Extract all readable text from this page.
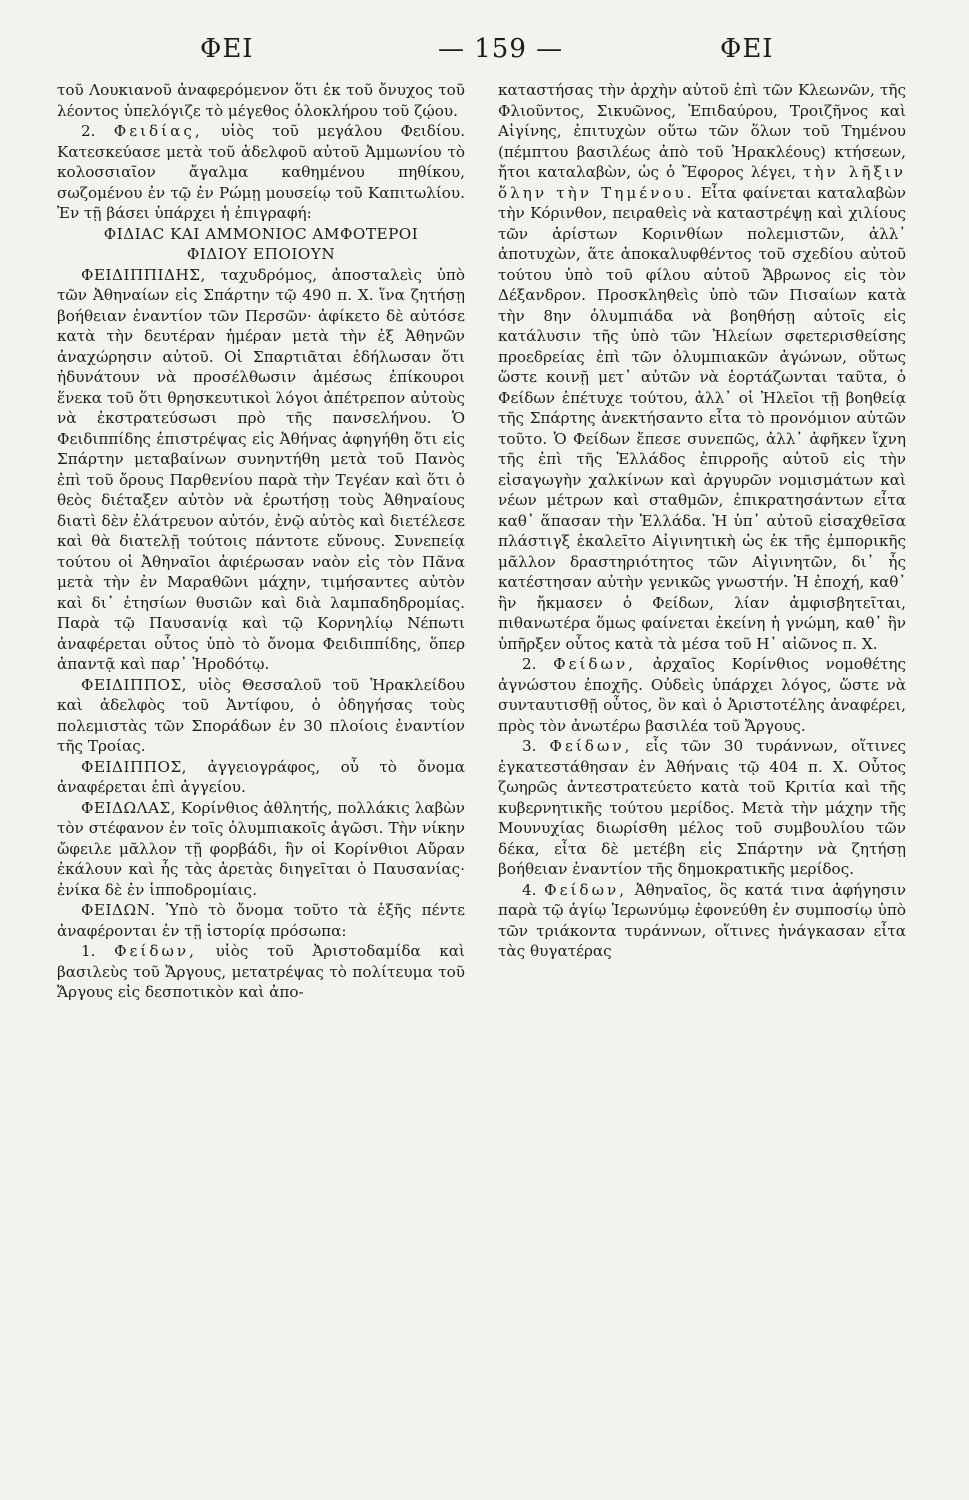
ΦΕΙ	— 159 —	ΦΕΙ

τοῦ Λουκιανοῦ ἀναφερόμενον ὅτι ἐκ τοῦ ὄνυχος τοῦ λέοντος ὑπελόγιζε τὸ μέγεθος ὁλοκλήρου τοῦ ζῴου.

2. Φειδίας, υἱὸς τοῦ μεγάλου Φειδίου. Κατεσκεύασε μετὰ τοῦ ἀδελφοῦ αὐτοῦ Ἀμμωνίου τὸ κολοσσιαῖον ἄγαλμα καθημένου πηθίκου, σωζομένου ἐν τῷ ἐν Ρώμῃ μουσείῳ τοῦ Καπιτωλίου. Ἐν τῇ βάσει ὑπάρχει ἡ ἐπιγραφή:

ΦΙΔΙΑC ΚΑΙ ΑΜΜΟΝΙΟC ΑΜΦΟΤΕΡΟΙ

ΦΙΔΙΟΥ ΕΠΟΙΟΥΝ

ΦΕΙΔΙΠΠΙΔΗΣ, ταχυδρόμος, ἀποσταλεὶς ὑπὸ τῶν Ἀθηναίων εἰς Σπάρτην τῷ 490 π. Χ. ἵνα ζητήσῃ βοήθειαν ἐναντίον τῶν Περσῶν· ἀφίκετο δὲ αὐτόσε κατὰ τὴν δευτέραν ἡμέραν μετὰ τὴν ἐξ Ἀθηνῶν ἀναχώρησιν αὐτοῦ. Οἱ Σπαρτιᾶται ἐδήλωσαν ὅτι ἠδυνάτουν νὰ προσέλθωσιν ἀμέσως ἐπίκουροι ἕνεκα τοῦ ὅτι θρησκευτικοὶ λόγοι ἀπέτρεπον αὐτοὺς νὰ ἐκστρατεύσωσι πρὸ τῆς πανσελήνου. Ὁ Φειδιππίδης ἐπιστρέψας εἰς Ἀθήνας ἀφηγήθη ὅτι εἰς Σπάρτην μεταβαίνων συνηντήθη μετὰ τοῦ Πανὸς ἐπὶ τοῦ ὄρους Παρθενίου παρὰ τὴν Τεγέαν καὶ ὅτι ὁ θεὸς διέταξεν αὐτὸν νὰ ἐρωτήσῃ τοὺς Ἀθηναίους διατὶ δὲν ἐλάτρευον αὐτόν, ἐνῷ αὐτὸς καὶ διετέλεσε καὶ θὰ διατελῇ τούτοις πάντοτε εὔνους. Συνεπείᾳ τούτου οἱ Ἀθηναῖοι ἀφιέρωσαν ναὸν εἰς τὸν Πᾶνα μετὰ τὴν ἐν Μαραθῶνι μάχην, τιμήσαντες αὐτὸν καὶ δι᾽ ἐτησίων θυσιῶν καὶ διὰ λαμπαδηδρομίας. Παρὰ τῷ Παυσανίᾳ καὶ τῷ Κορνηλίῳ Νέπωτι ἀναφέρεται οὗτος ὑπὸ τὸ ὄνομα Φειδιππίδης, ὅπερ ἀπαντᾷ καὶ παρ᾽ Ἡροδότῳ.

ΦΕΙΔΙΠΠΟΣ, υἱὸς Θεσσαλοῦ τοῦ Ἡρακλείδου καὶ ἀδελφὸς τοῦ Ἀντίφου, ὁ ὁδηγήσας τοὺς πολεμιστὰς τῶν Σποράδων ἐν 30 πλοίοις ἐναντίον τῆς Τροίας.

ΦΕΙΔΙΠΠΟΣ, ἀγγειογράφος, οὗ τὸ ὄνομα ἀναφέρεται ἐπὶ ἀγγείου.

ΦΕΙΔΩΛΑΣ, Κορίνθιος ἀθλητής, πολλάκις λαβὼν τὸν στέφανον ἐν τοῖς ὀλυμπιακοῖς ἀγῶσι. Τὴν νίκην ὤφειλε μᾶλλον τῇ φορβάδι, ἣν οἱ Κορίνθιοι Αὔραν ἐκάλουν καὶ ἧς τὰς ἀρετὰς διηγεῖται ὁ Παυσανίας· ἐνίκα δὲ ἐν ἱπποδρομίαις.

ΦΕΙΔΩΝ. Ὑπὸ τὸ ὄνομα τοῦτο τὰ ἑξῆς πέντε ἀναφέρονται ἐν τῇ ἱστορίᾳ πρόσωπα:

1. Φείδων, υἱὸς τοῦ Ἀριστοδαμίδα καὶ βασιλεὺς τοῦ Ἄργους, μετατρέψας τὸ πολίτευμα τοῦ Ἄργους εἰς δεσποτικὸν καὶ ἀπο-

καταστήσας τὴν ἀρχὴν αὐτοῦ ἐπὶ τῶν Κλεωνῶν, τῆς Φλιοῦντος, Σικυῶνος, Ἐπιδαύρου, Τροιζῆνος καὶ Αἰγίνης, ἐπιτυχὼν οὕτω τῶν ὅλων τοῦ Τημένου (πέμπτου βασιλέως ἀπὸ τοῦ Ἡρακλέους) κτήσεων, ἤτοι καταλαβὼν, ὡς ὁ Ἔφορος λέγει, τὴν λῆξιν ὅλην τὴν Τημένου. Εἶτα φαίνεται καταλαβὼν τὴν Κόρινθον, πειραθεὶς νὰ καταστρέψῃ καὶ χιλίους τῶν ἀρίστων Κορινθίων πολεμιστῶν, ἀλλ᾽ ἀποτυχὼν, ἅτε ἀποκαλυφθέντος τοῦ σχεδίου αὐτοῦ τούτου ὑπὸ τοῦ φίλου αὐτοῦ Ἄβρωνος εἰς τὸν Δέξανδρον. Προσκληθεὶς ὑπὸ τῶν Πισαίων κατὰ τὴν 8ην ὀλυμπιάδα νὰ βοηθήσῃ αὐτοῖς εἰς κατάλυσιν τῆς ὑπὸ τῶν Ἠλείων σφετερισθείσης προεδρείας ἐπὶ τῶν ὀλυμπιακῶν ἀγώνων, οὕτως ὥστε κοινῇ μετ᾽ αὐτῶν νὰ ἑορτάζωνται ταῦτα, ὁ Φείδων ἐπέτυχε τούτου, ἀλλ᾽ οἱ Ἠλεῖοι τῇ βοηθείᾳ τῆς Σπάρτης ἀνεκτήσαντο εἶτα τὸ προνόμιον αὐτῶν τοῦτο. Ὁ Φείδων ἔπεσε συνεπῶς, ἀλλ᾽ ἀφῆκεν ἴχνη τῆς ἐπὶ τῆς Ἑλλάδος ἐπιρροῆς αὐτοῦ εἰς τὴν εἰσαγωγὴν χαλκίνων καὶ ἀργυρῶν νομισμάτων καὶ νέων μέτρων καὶ σταθμῶν, ἐπικρατησάντων εἶτα καθ᾽ ἅπασαν τὴν Ἑλλάδα. Ἡ ὑπ᾽ αὐτοῦ εἰσαχθεῖσα πλάστιγξ ἐκαλεῖτο Αἰγινητικὴ ὡς ἐκ τῆς ἐμπορικῆς μᾶλλον δραστηριότητος τῶν Αἰγινητῶν, δι᾽ ἧς κατέστησαν αὐτὴν γενικῶς γνωστήν. Ἡ ἐποχή, καθ᾽ ἣν ἤκμασεν ὁ Φείδων, λίαν ἀμφισβητεῖται, πιθανωτέρα ὅμως φαίνεται ἐκείνη ἡ γνώμη, καθ᾽ ἣν ὑπῆρξεν οὗτος κατὰ τὰ μέσα τοῦ Η᾽ αἰῶνος π. Χ.

2. Φείδων, ἀρχαῖος Κορίνθιος νομοθέτης ἀγνώστου ἐποχῆς. Οὐδεὶς ὑπάρχει λόγος, ὥστε νὰ συνταυτισθῇ οὗτος, ὃν καὶ ὁ Ἀριστοτέλης ἀναφέρει, πρὸς τὸν ἀνωτέρω βασιλέα τοῦ Ἄργους.

3. Φείδων, εἷς τῶν 30 τυράννων, οἵτινες ἐγκατεστάθησαν ἐν Ἀθήναις τῷ 404 π. Χ. Οὗτος ζωηρῶς ἀντεστρατεύετο κατὰ τοῦ Κριτία καὶ τῆς κυβερνητικῆς τούτου μερίδος. Μετὰ τὴν μάχην τῆς Μουνυχίας διωρίσθη μέλος τοῦ συμβουλίου τῶν δέκα, εἶτα δὲ μετέβη εἰς Σπάρτην νὰ ζητήσῃ βοήθειαν ἐναντίον τῆς δημοκρατικῆς μερίδος.

4. Φείδων, Ἀθηναῖος, ὃς κατά τινα ἀφήγησιν παρὰ τῷ ἁγίῳ Ἱερωνύμῳ ἐφονεύθη ἐν συμποσίῳ ὑπὸ τῶν τριάκοντα τυράννων, οἵτινες ἠνάγκασαν εἶτα τὰς θυγατέρας
